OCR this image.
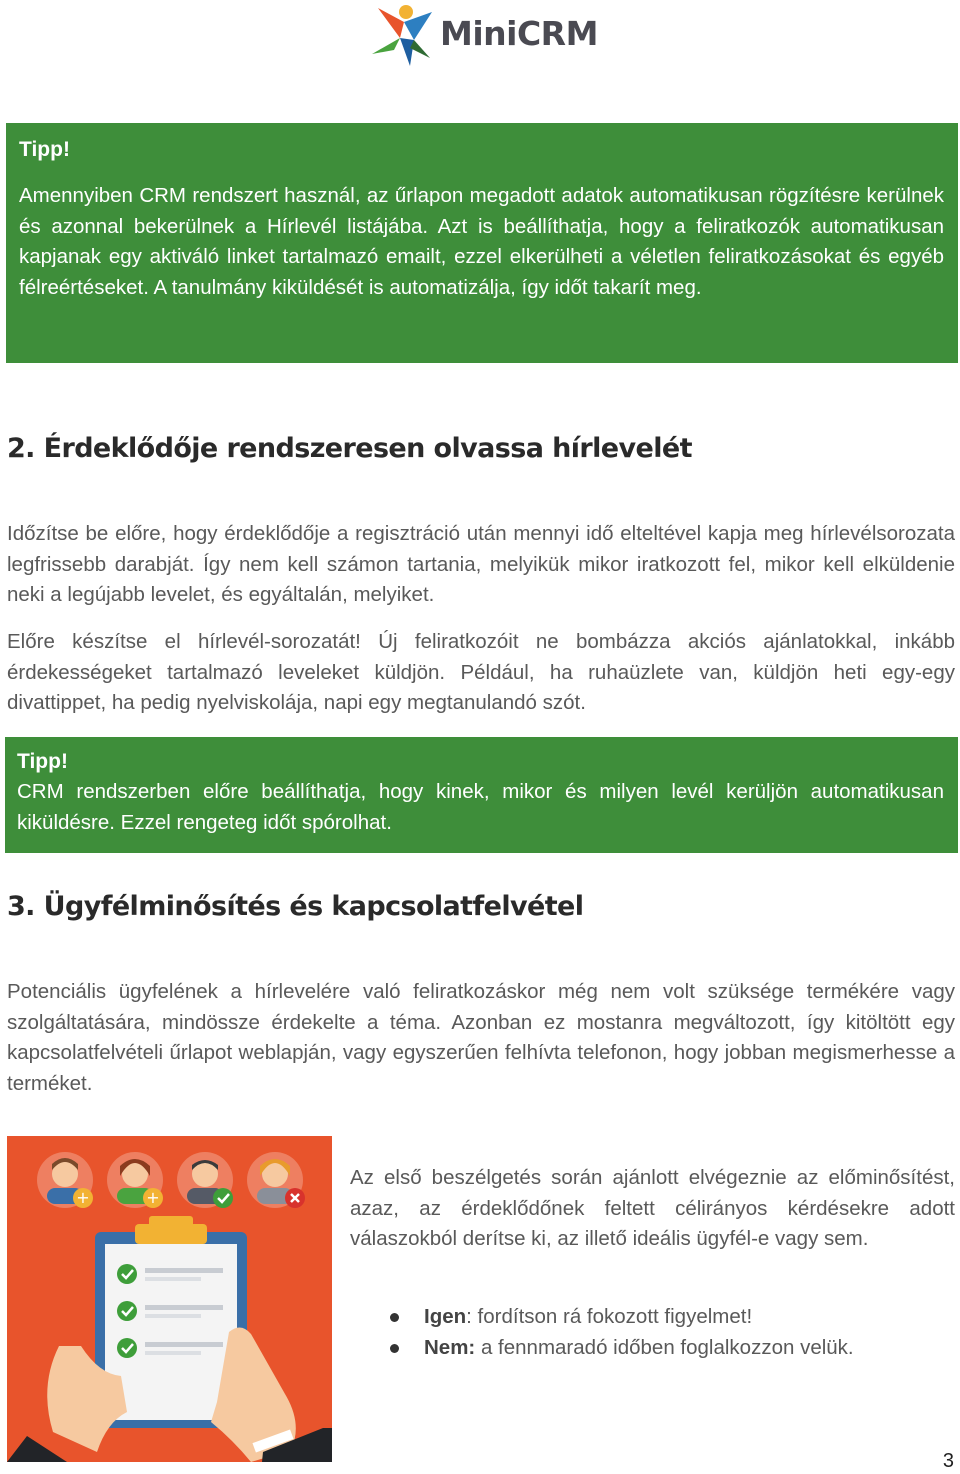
MiniCRM
Tipp!
Amennyiben CRM rendszert használ, az űrlapon megadott adatok automatikusan rögzítésre kerülnek és azonnal bekerülnek a Hírlevél listájába. Azt is beállíthatja, hogy a feliratkozók automatikusan kapjanak egy aktiváló linket tartalmazó emailt, ezzel elkerülheti a véletlen feliratkozásokat és egyéb félreértéseket. A tanulmány kiküldését is automatizálja, így időt takarít meg.
2. Érdeklődője rendszeresen olvassa hírlevelét
Időzítse be előre, hogy érdeklődője a regisztráció után mennyi idő elteltével kapja meg hírlevélsorozata legfrissebb darabját. Így nem kell számon tartania, melyikük mikor iratkozott fel, mikor kell elküldenie neki a legújabb levelet, és egyáltalán, melyiket.
Előre készítse el hírlevél-sorozatát! Új feliratkozóit ne bombázza akciós ajánlatokkal, inkább érdekességeket tartalmazó leveleket küldjön. Például, ha ruhaüzlete van, küldjön heti egy-egy divattippet, ha pedig nyelviskolája, napi egy megtanulandó szót.
Tipp!
CRM rendszerben előre beállíthatja, hogy kinek, mikor és milyen levél kerüljön automatikusan kiküldésre. Ezzel rengeteg időt spórolhat.
3. Ügyfélminősítés és kapcsolatfelvétel
Potenciális ügyfelének a hírlevelére való feliratkozáskor még nem volt szüksége termékére vagy szolgáltatására, mindössze érdekelte a téma. Azonban ez mostanra megváltozott, így kitöltött egy kapcsolatfelvételi űrlapot weblapján, vagy egyszerűen felhívta telefonon, hogy jobban megismerhesse a terméket.
+	+
Az első beszélgetés során ajánlott elvégeznie az előminősítést, azaz, az érdeklődőnek feltett célirányos kérdésekre adott válaszokból derítse ki, az illető ideális ügyfél-e vagy sem.
Igen: fordítson rá fokozott figyelmet!
Nem: a fennmaradó időben foglalkozzon velük.
3
